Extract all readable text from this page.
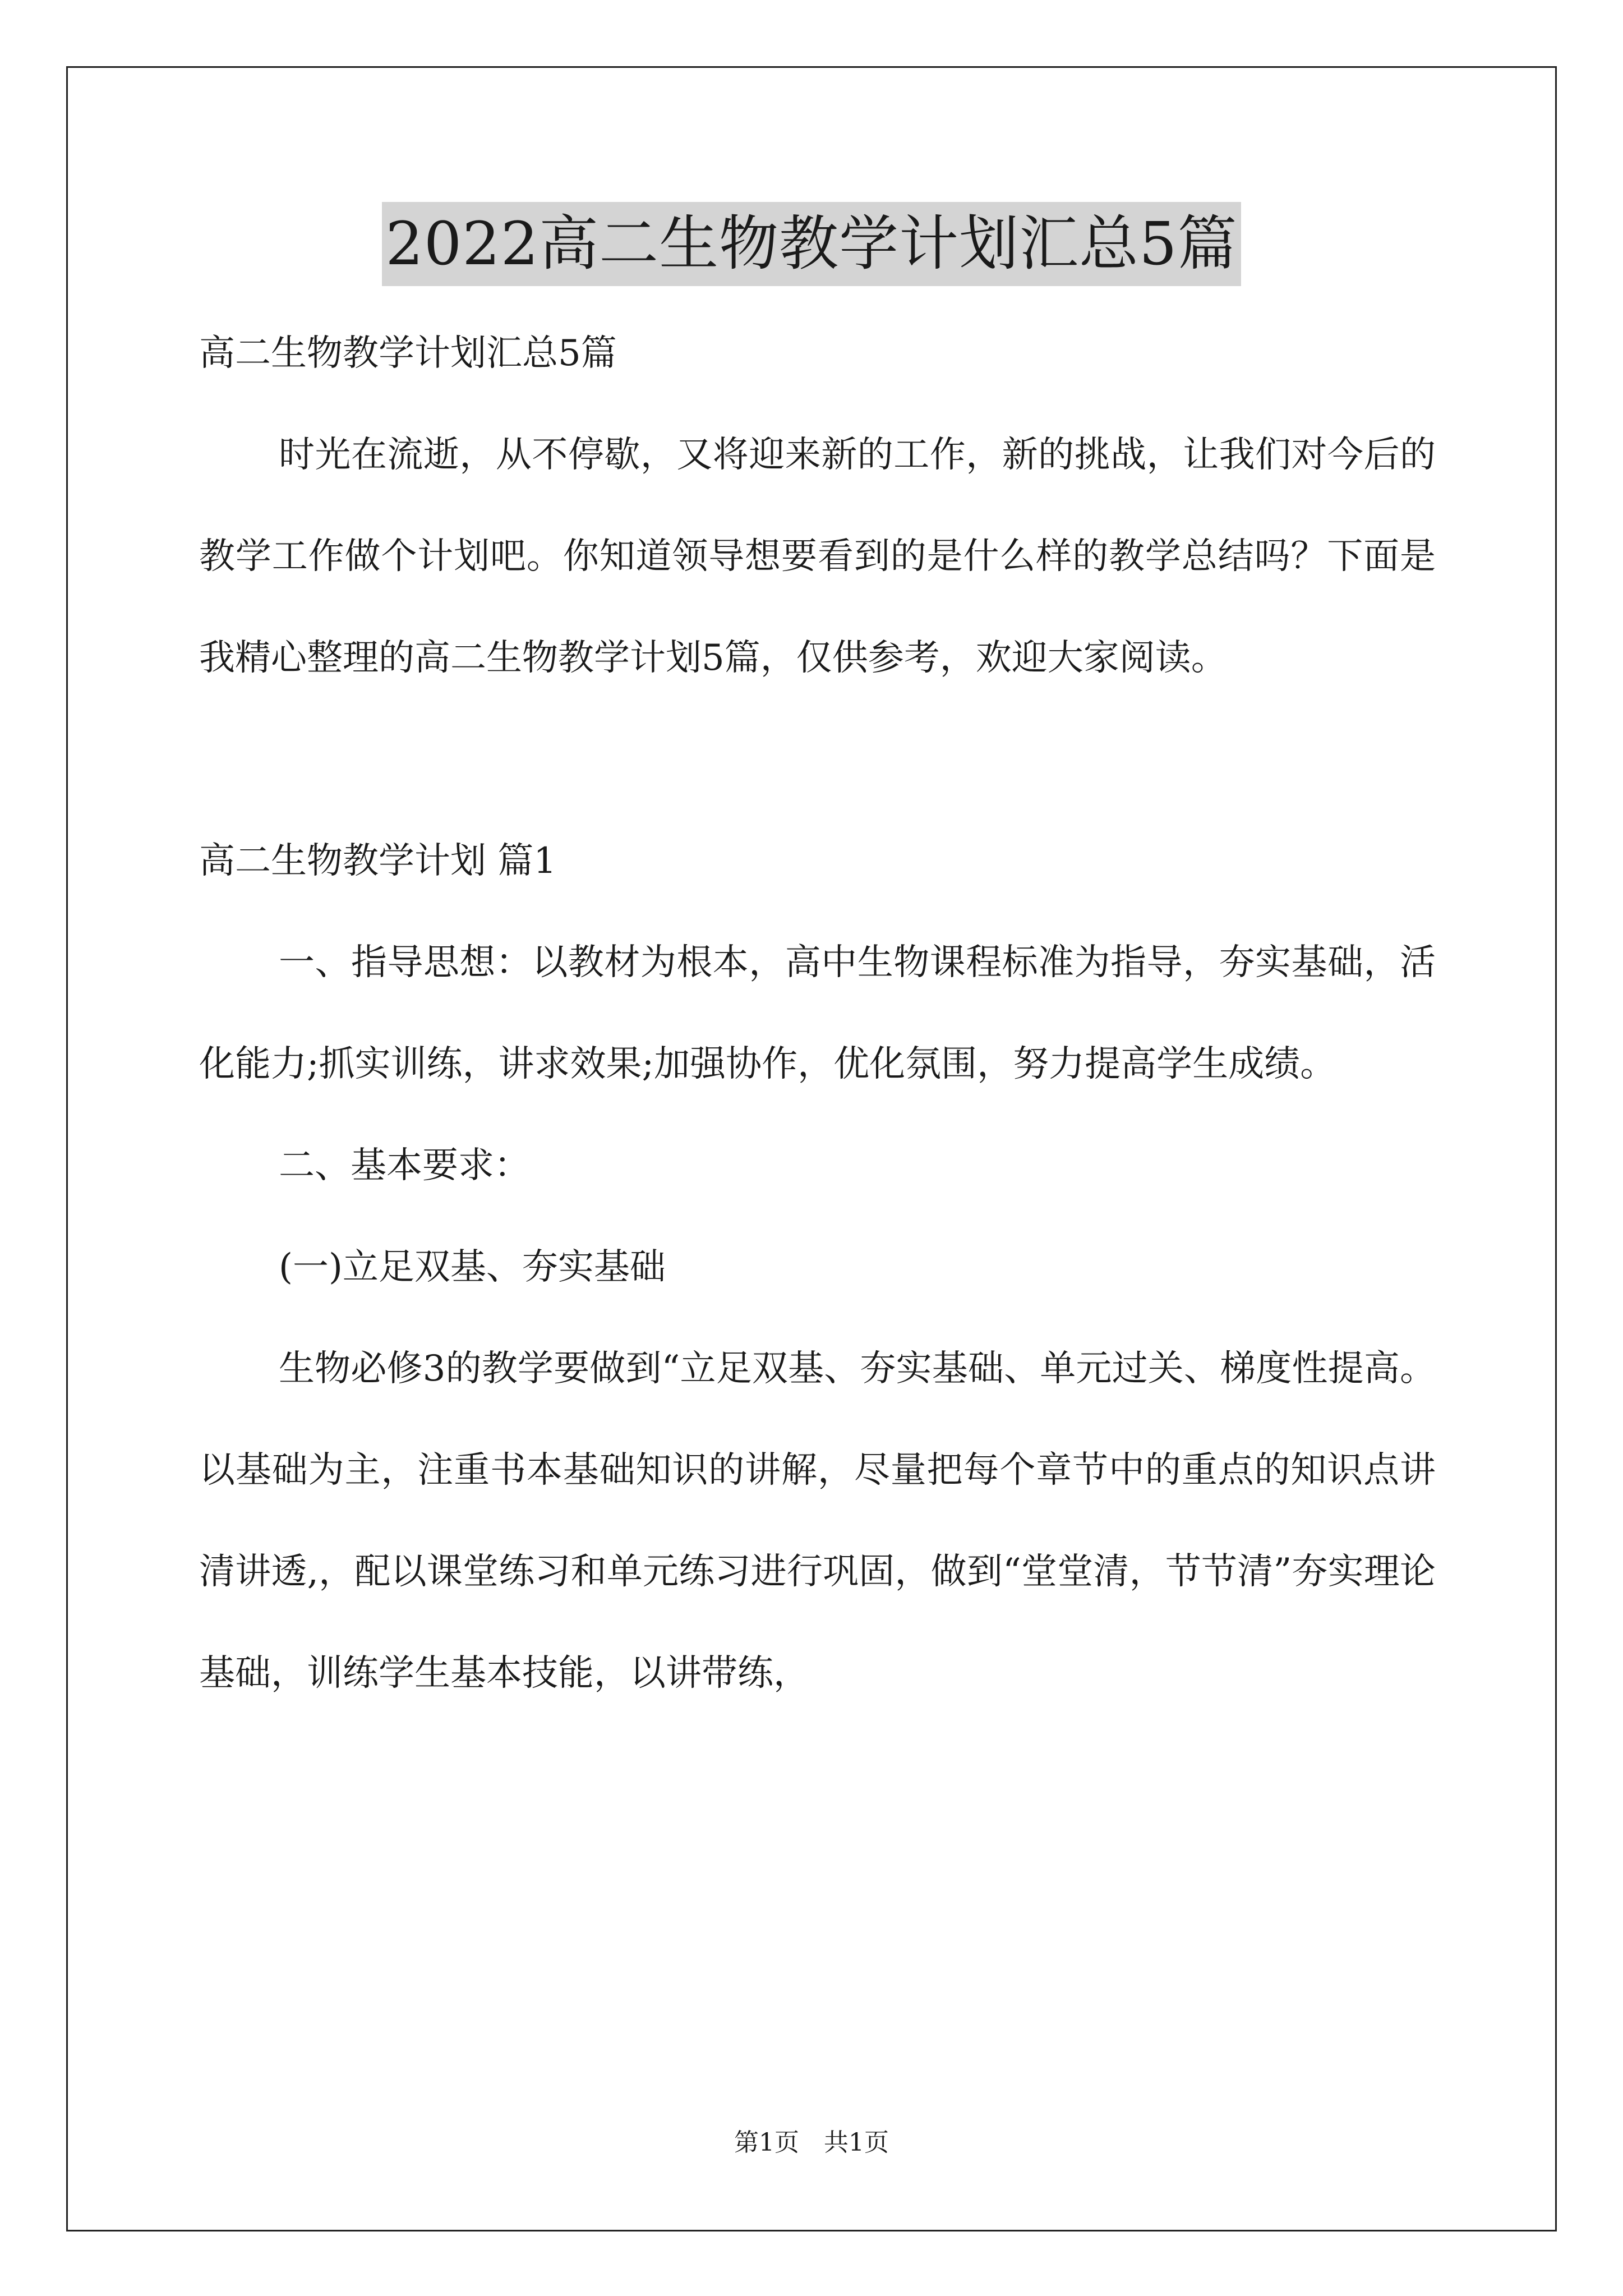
2022高二生物教学计划汇总5篇

高二生物教学计划汇总5篇

时光在流逝，从不停歇，又将迎来新的工作，新的挑战，让我们对今后的教学工作做个计划吧。你知道领导想要看到的是什么样的教学总结吗？下面是我精心整理的高二生物教学计划5篇，仅供参考，欢迎大家阅读。

高二生物教学计划 篇1

一、指导思想：以教材为根本，高中生物课程标准为指导，夯实基础，活化能力;抓实训练，讲求效果;加强协作，优化氛围，努力提高学生成绩。

二、基本要求：

(一)立足双基、夯实基础

生物必修3的教学要做到“立足双基、夯实基础、单元过关、梯度性提高。以基础为主，注重书本基础知识的讲解，尽量把每个章节中的重点的知识点讲清讲透,，配以课堂练习和单元练习进行巩固，做到“堂堂清，节节清”夯实理论基础，训练学生基本技能，以讲带练，

第1页　共1页
